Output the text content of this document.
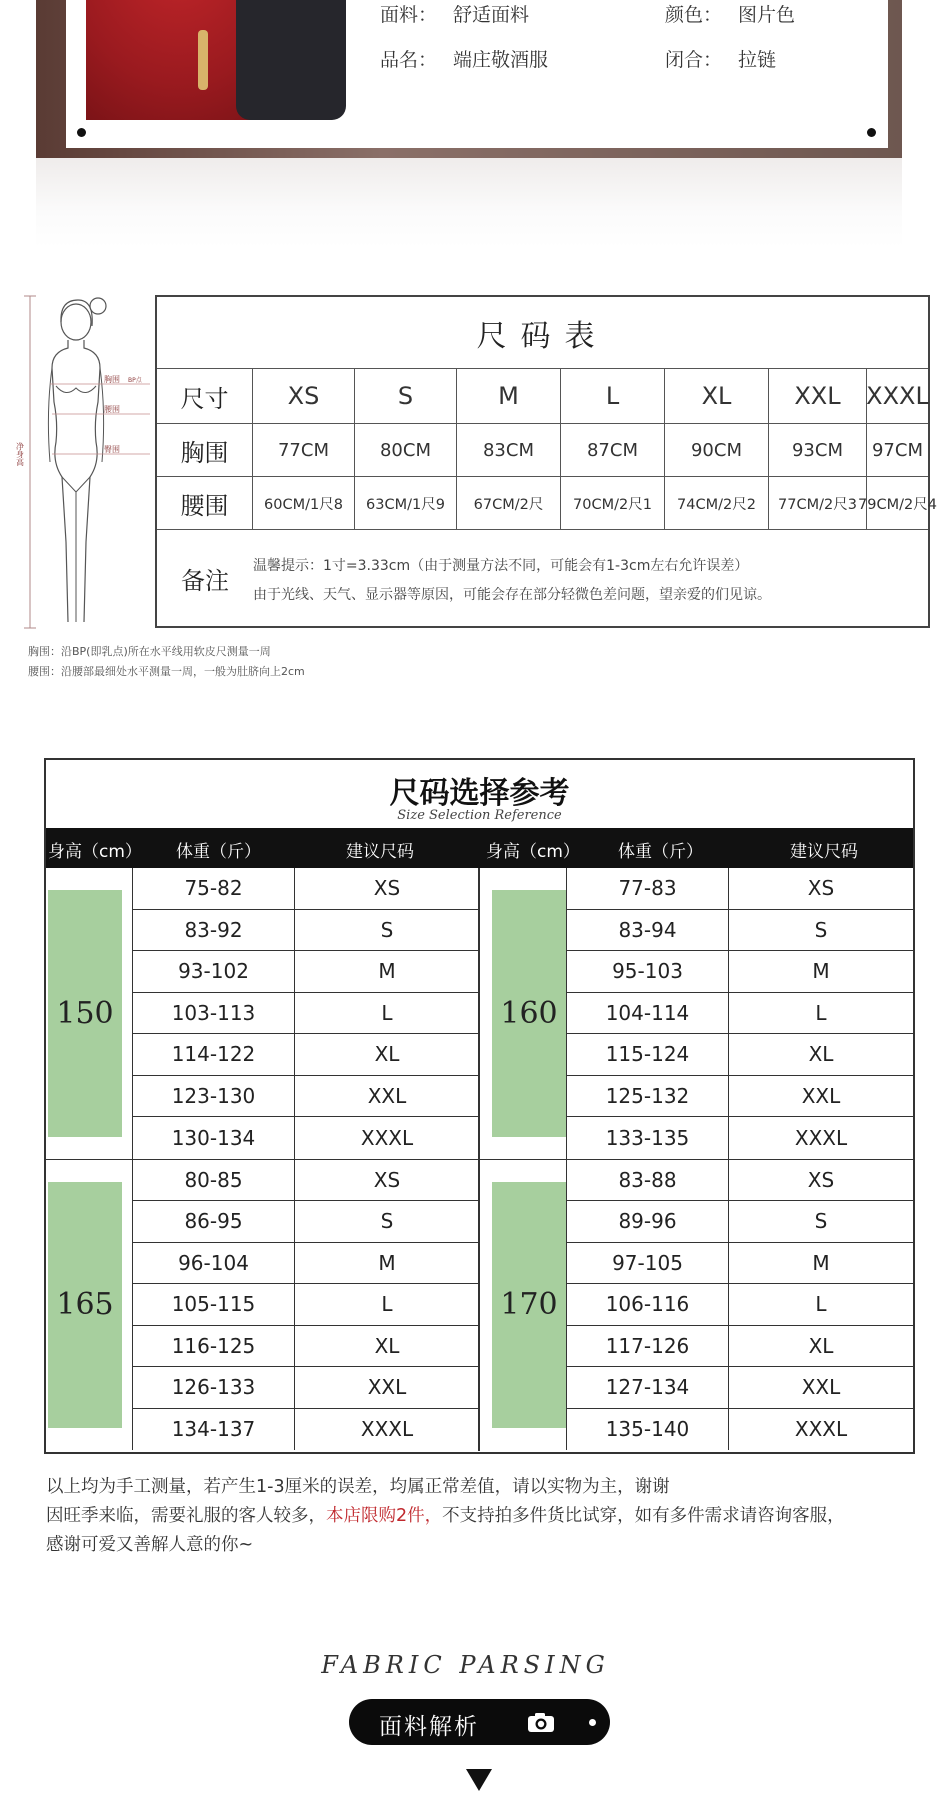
面料： 舒适面料	颜色： 图片色
品名： 端庄敬酒服	闭合： 拉链
胸围 BP点
腰围
臀围
净身高
胸围：沿BP(即乳点)所在水平线用软皮尺测量一周
腰围：沿腰部最细处水平测量一周，一般为肚脐向上2cm
尺码表
尺寸	XS	S	M	L	XL	XXL	XXXL
胸围	77CM	80CM	83CM	87CM	90CM	93CM	97CM
腰围	60CM/1尺8	63CM/1尺9	67CM/2尺	70CM/2尺1	74CM/2尺2	77CM/2尺3 79CM/2尺4
备注
温馨提示：1寸=3.33cm（由于测量方法不同，可能会有1-3cm左右允许误差）
由于光线、天气、显示器等原因，可能会存在部分轻微色差问题，望亲爱的们见谅。
尺码选择参考
Size Selection Reference
身高（cm） 体重（斤）	建议尺码	身高（cm） 体重（斤）	建议尺码
150
75-82	XS
83-92	S
93-102	M
103-113	L
114-122	XL
123-130	XXL
130-134	XXXL
160
77-83	XS
83-94	S
95-103	M
104-114	L
115-124	XL
125-132	XXL
133-135	XXXL
165
80-85	XS
86-95	S
96-104	M
105-115	L
116-125	XL
126-133	XXL
134-137	XXXL
170
83-88	XS
89-96	S
97-105	M
106-116	L
117-126	XL
127-134	XXL
135-140	XXXL
以上均为手工测量，若产生1-3厘米的误差，均属正常差值，请以实物为主，谢谢
因旺季来临，需要礼服的客人较多，本店限购2件，不支持拍多件货比试穿，如有多件需求请咨询客服，
感谢可爱又善解人意的你~
FABRIC PARSING
面料解析
